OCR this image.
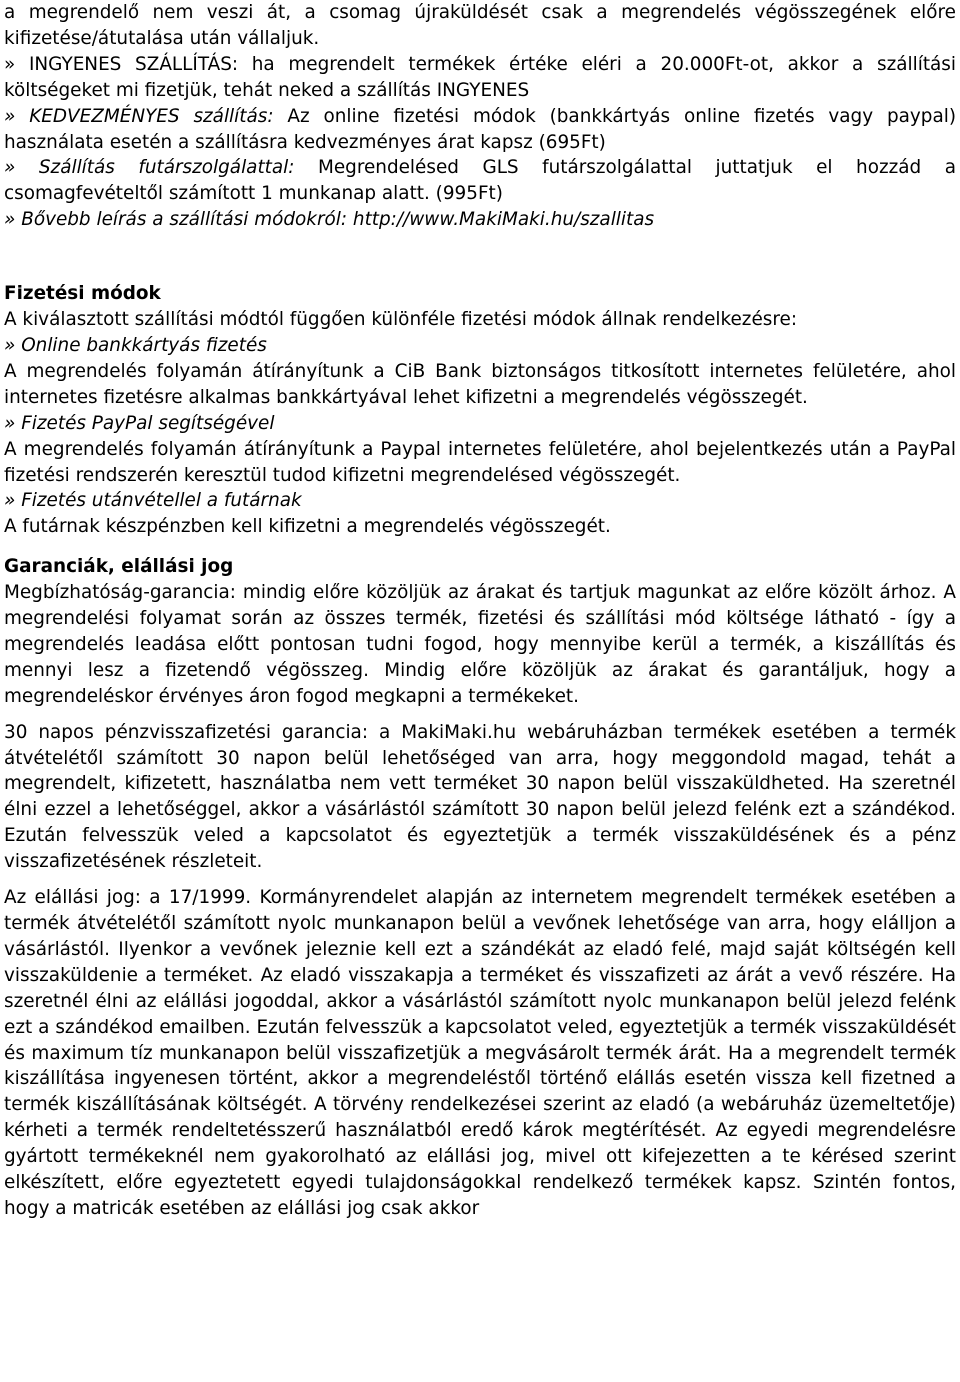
a megrendelő nem veszi át, a csomag újraküldését csak a megrendelés végösszegének előre kifizetése/átutalása után vállaljuk.

» INGYENES SZÁLLÍTÁS: ha megrendelt termékek értéke eléri a 20.000Ft-ot, akkor a szállítási költségeket mi fizetjük, tehát neked a szállítás INGYENES

» KEDVEZMÉNYES szállítás: Az online fizetési módok (bankkártyás online fizetés vagy paypal) használata esetén a szállításra kedvezményes árat kapsz (695Ft)

» Szállítás futárszolgálattal: Megrendelésed GLS futárszolgálattal juttatjuk el hozzád a csomagfevételtől számított 1 munkanap alatt. (995Ft)

» Bővebb leírás a szállítási módokról: http://www.MakiMaki.hu/szallitas

Fizetési módok

A kiválasztott szállítási módtól függően különféle fizetési módok állnak rendelkezésre:

» Online bankkártyás fizetés

A megrendelés folyamán átírányítunk a CiB Bank biztonságos titkosított internetes felületére, ahol internetes fizetésre alkalmas bankkártyával lehet kifizetni a megrendelés végösszegét.

» Fizetés PayPal segítségével

A megrendelés folyamán átírányítunk a Paypal internetes felületére, ahol bejelentkezés után a PayPal fizetési rendszerén keresztül tudod kifizetni megrendelésed végösszegét.

» Fizetés utánvétellel a futárnak

A futárnak készpénzben kell kifizetni a megrendelés végösszegét.

Garanciák, elállási jog

Megbízhatóság-garancia: mindig előre közöljük az árakat és tartjuk magunkat az előre közölt árhoz. A megrendelési folyamat során az összes termék, fizetési és szállítási mód költsége látható - így a megrendelés leadása előtt pontosan tudni fogod, hogy mennyibe kerül a termék, a kiszállítás és mennyi lesz a fizetendő végösszeg. Mindig előre közöljük az árakat és garantáljuk, hogy a megrendeléskor érvényes áron fogod megkapni a termékeket.

30 napos pénzvisszafizetési garancia: a MakiMaki.hu webáruházban termékek esetében a termék átvételétől számított 30 napon belül lehetőséged van arra, hogy meggondold magad, tehát a megrendelt, kifizetett, használatba nem vett terméket 30 napon belül visszaküldheted. Ha szeretnél élni ezzel a lehetőséggel, akkor a vásárlástól számított 30 napon belül jelezd felénk ezt a szándékod. Ezután felvesszük veled a kapcsolatot és egyeztetjük a termék visszaküldésének és a pénz visszafizetésének részleteit.

Az elállási jog: a 17/1999. Kormányrendelet alapján az internetem megrendelt termékek esetében a termék átvételétől számított nyolc munkanapon belül a vevőnek lehetősége van arra, hogy elálljon a vásárlástól. Ilyenkor a vevőnek jeleznie kell ezt a szándékát az eladó felé, majd saját költségén kell visszaküldenie a terméket. Az eladó visszakapja a terméket és visszafizeti az árát a vevő részére. Ha szeretnél élni az elállási jogoddal, akkor a vásárlástól számított nyolc munkanapon belül jelezd felénk ezt a szándékod emailben. Ezután felvesszük a kapcsolatot veled, egyeztetjük a termék visszaküldését és maximum tíz munkanapon belül visszafizetjük a megvásárolt termék árát. Ha a megrendelt termék kiszállítása ingyenesen történt, akkor a megrendeléstől történő elállás esetén vissza kell fizetned a termék kiszállításának költségét. A törvény rendelkezései szerint az eladó (a webáruház üzemeltetője) kérheti a termék rendeltetésszerű használatból eredő károk megtérítését. Az egyedi megrendelésre gyártott termékeknél nem gyakorolható az elállási jog, mivel ott kifejezetten a te kérésed szerint elkészített, előre egyeztetett egyedi tulajdonságokkal rendelkező termékek kapsz. Szintén fontos, hogy a matricák esetében az elállási jog csak akkor
